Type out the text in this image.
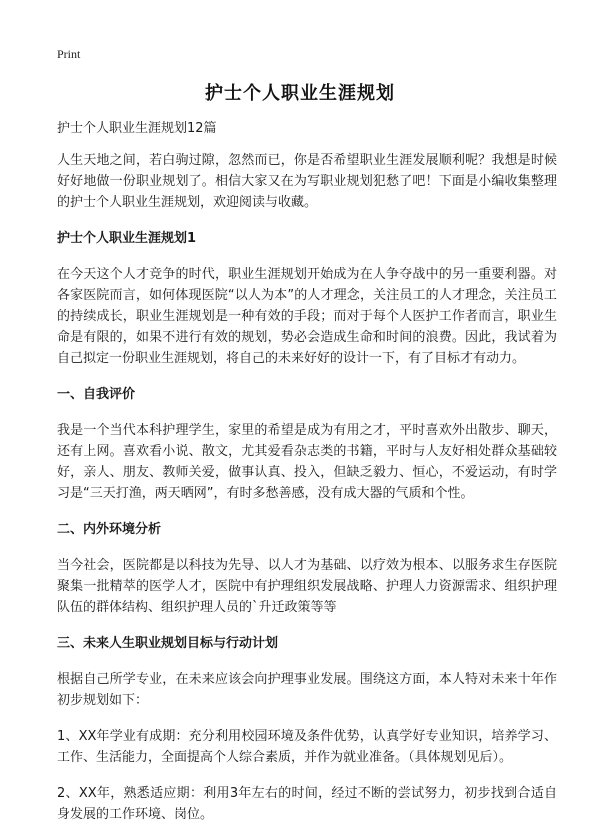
Print
护士个人职业生涯规划

护士个人职业生涯规划12篇

人生天地之间，若白驹过隙，忽然而已，你是否希望职业生涯发展顺利呢？我想是时候好好地做一份职业规划了。相信大家又在为写职业规划犯愁了吧！下面是小编收集整理的护士个人职业生涯规划，欢迎阅读与收藏。

护士个人职业生涯规划1

在今天这个人才竞争的时代，职业生涯规划开始成为在人争夺战中的另一重要利器。对各家医院而言，如何体现医院“以人为本”的人才理念，关注员工的人才理念，关注员工的持续成长，职业生涯规划是一种有效的手段；而对于每个人医护工作者而言，职业生命是有限的，如果不进行有效的规划，势必会造成生命和时间的浪费。因此，我试着为自己拟定一份职业生涯规划，将自己的未来好好的设计一下，有了目标才有动力。

一、自我评价

我是一个当代本科护理学生，家里的希望是成为有用之才，平时喜欢外出散步、聊天，还有上网。喜欢看小说、散文，尤其爱看杂志类的书籍，平时与人友好相处群众基础较好，亲人、朋友、教师关爱，做事认真、投入，但缺乏毅力、恒心，不爱运动，有时学习是“三天打渔，两天晒网”，有时多愁善感，没有成大器的气质和个性。

二、内外环境分析

当今社会，医院都是以科技为先导、以人才为基础、以疗效为根本、以服务求生存医院聚集一批精萃的医学人才，医院中有护理组织发展战略、护理人力资源需求、组织护理队伍的群体结构、组织护理人员的`升迁政策等等

三、未来人生职业规划目标与行动计划

根据自己所学专业，在未来应该会向护理事业发展。围绕这方面，本人特对未来十年作初步规划如下：

1、XX年学业有成期：充分利用校园环境及条件优势，认真学好专业知识，培养学习、工作、生活能力，全面提高个人综合素质，并作为就业准备。（具体规划见后）。

2、XX年，熟悉适应期：利用3年左右的时间，经过不断的尝试努力，初步找到合适自身发展的工作环境、岗位。
